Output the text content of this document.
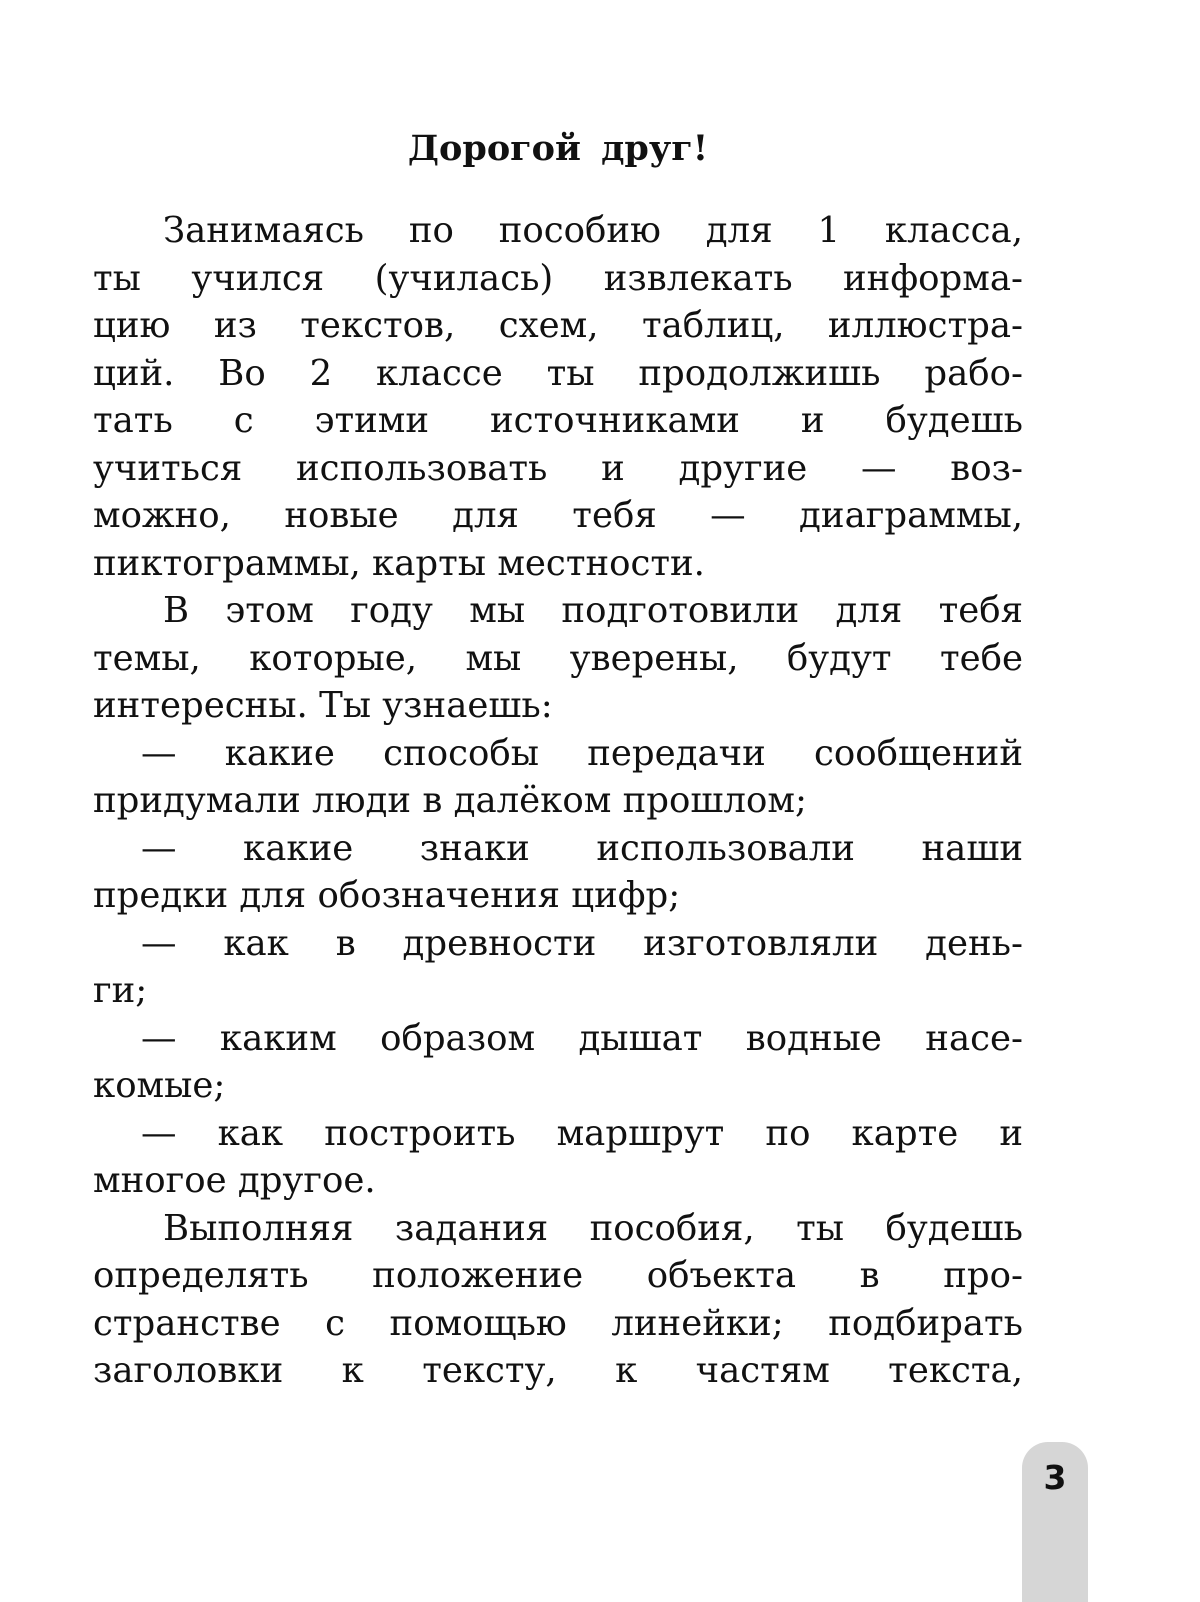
Дорогой друг!
Занимаясь по пособию для 1 класса,
ты учился (училась) извлекать информа-
цию из текстов, схем, таблиц, иллюстра-
ций. Во 2 классе ты продолжишь рабо-
тать с этими источниками и будешь
учиться использовать и другие — воз-
можно, новые для тебя — диаграммы,
пиктограммы, карты местности.
В этом году мы подготовили для тебя
темы, которые, мы уверены, будут тебе
интересны. Ты узнаешь:
— какие способы передачи сообщений
придумали люди в далёком прошлом;
— какие знаки использовали наши
предки для обозначения цифр;
— как в древности изготовляли день-
ги;
— каким образом дышат водные насе-
комые;
— как построить маршрут по карте и
многое другое.
Выполняя задания пособия, ты будешь
определять положение объекта в про-
странстве с помощью линейки; подбирать
заголовки к тексту, к частям текста,
3
